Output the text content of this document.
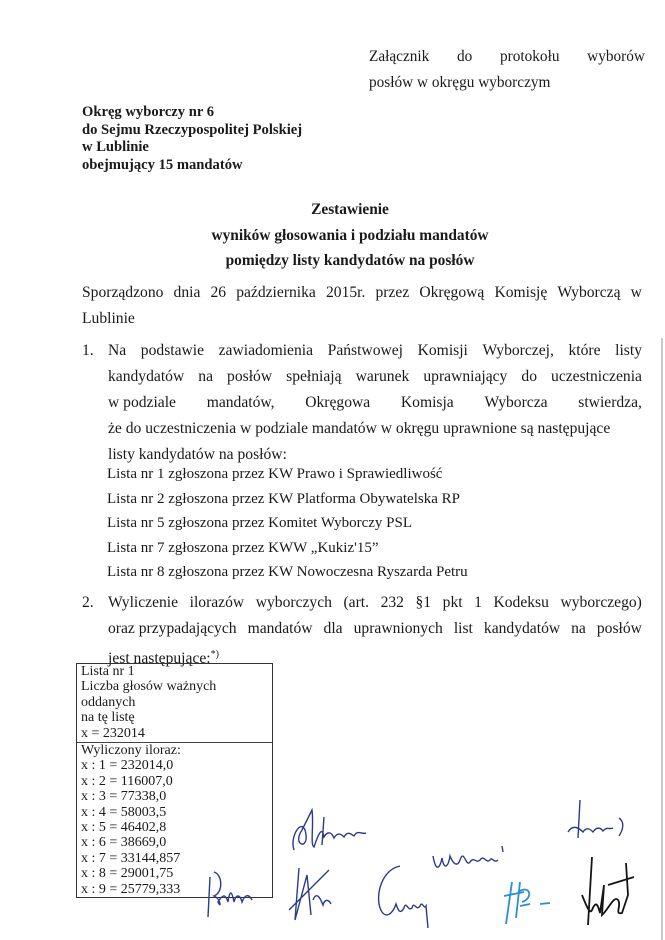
Załącznik do protokołu wyborów
posłów w okręgu wyborczym
Okręg wyborczy nr 6
do Sejmu Rzeczypospolitej Polskiej
w Lublinie
obejmujący 15 mandatów
Zestawienie
wyników głosowania i podziału mandatów
pomiędzy listy kandydatów na posłów
Sporządzono dnia 26 października 2015r. przez Okręgową Komisję Wyborczą w
Lublinie
1. Na podstawie zawiadomienia Państwowej Komisji Wyborczej, które listy
kandydatów na posłów spełniają warunek uprawniający do uczestniczenia
w podziale mandatów, Okręgowa Komisja Wyborcza stwierdza,
że do uczestniczenia w podziale mandatów w okręgu uprawnione są następujące
listy kandydatów na posłów:
Lista nr 1 zgłoszona przez KW Prawo i Sprawiedliwość
Lista nr 2 zgłoszona przez KW Platforma Obywatelska RP
Lista nr 5 zgłoszona przez Komitet Wyborczy PSL
Lista nr 7 zgłoszona przez KWW „Kukiz'15”
Lista nr 8 zgłoszona przez KW Nowoczesna Ryszarda Petru
2. Wyliczenie ilorazów wyborczych (art. 232 §1 pkt 1 Kodeksu wyborczego)
oraz przypadających mandatów dla uprawnionych list kandydatów na posłów
jest następujące:*)
Lista nr 1
Liczba głosów ważnych oddanych
na tę listę
x = 232014
Wyliczony iloraz:
x : 1 = 232014,0
x : 2 = 116007,0
x : 3 = 77338,0
x : 4 = 58003,5
x : 5 = 46402,8
x : 6 = 38669,0
x : 7 = 33144,857
x : 8 = 29001,75
x : 9 = 25779,333
